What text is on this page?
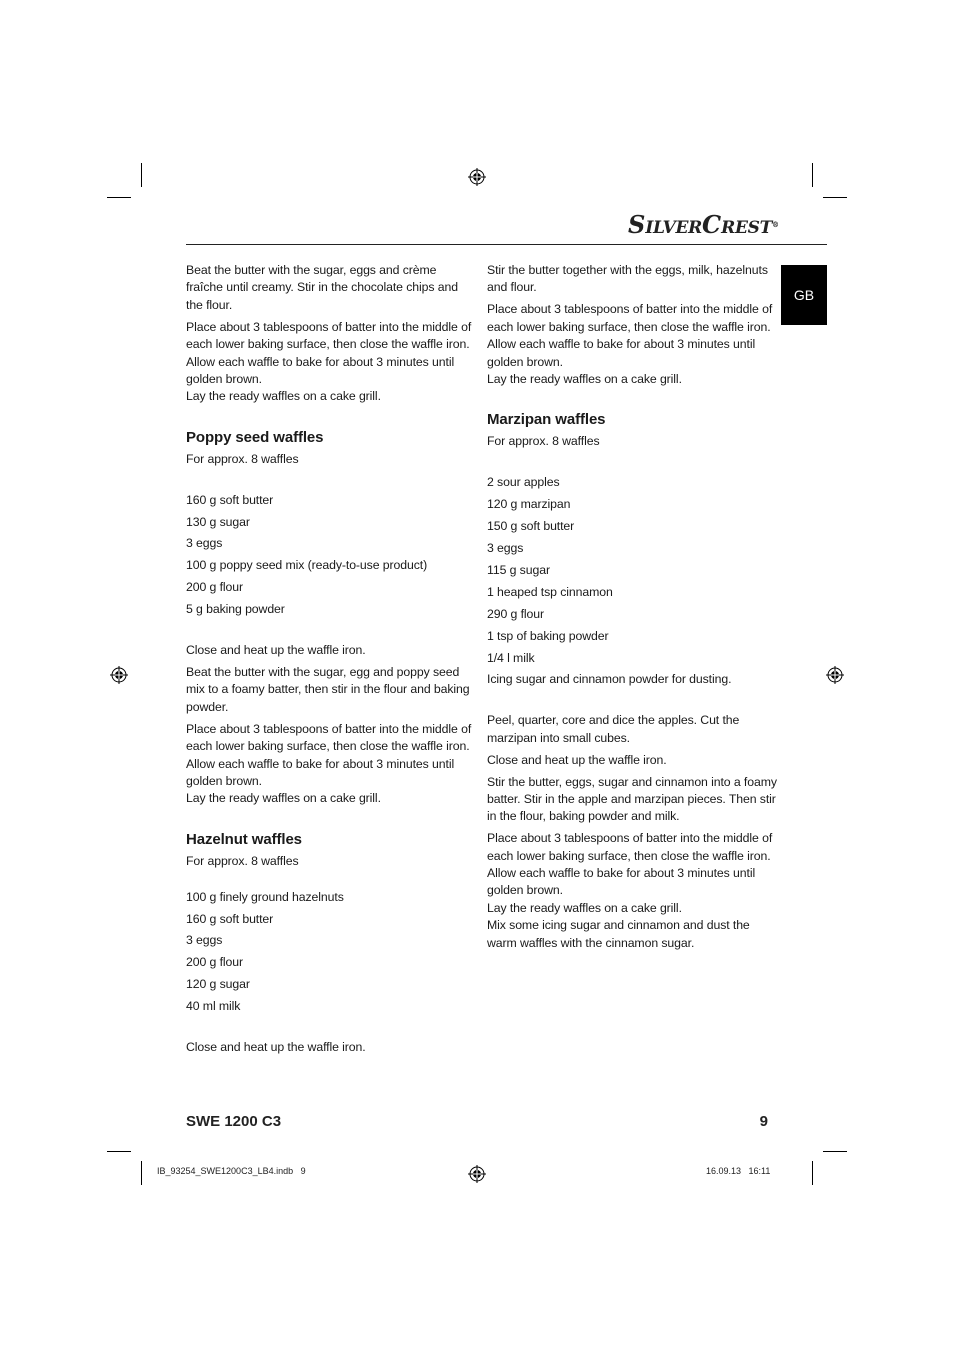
SILVERCREST®
GB

Beat the butter with the sugar, eggs and crème fraîche until creamy. Stir in the chocolate chips and the flour.

Place about 3 tablespoons of batter into the middle of each lower baking surface, then close the waffle iron. Allow each waffle to bake for about 3 minutes until golden brown.

Lay the ready waffles on a cake grill.

Poppy seed waffles

For approx. 8 waffles

160 g soft butter

130 g sugar

3 eggs

100 g poppy seed mix (ready-to-use product)

200 g flour

5 g baking powder

Close and heat up the waffle iron.

Beat the butter with the sugar, egg and poppy seed mix to a foamy batter, then stir in the flour and baking powder.

Place about 3 tablespoons of batter into the middle of each lower baking surface, then close the waffle iron. Allow each waffle to bake for about 3 minutes until golden brown.

Lay the ready waffles on a cake grill.

Hazelnut waffles

For approx. 8 waffles

100 g finely ground hazelnuts

160 g soft butter

3 eggs

200 g flour

120 g sugar

40 ml milk

Close and heat up the waffle iron.

Stir the butter together with the eggs, milk, hazelnuts and flour.

Place about 3 tablespoons of batter into the middle of each lower baking surface, then close the waffle iron. Allow each waffle to bake for about 3 minutes until golden brown.

Lay the ready waffles on a cake grill.

Marzipan waffles

For approx. 8 waffles

2 sour apples

120 g marzipan

150 g soft butter

3 eggs

115 g sugar

1 heaped tsp cinnamon

290 g flour

1 tsp of baking powder

1/4 l milk

Icing sugar and cinnamon powder for dusting.

Peel, quarter, core and dice the apples. Cut the marzipan into small cubes.

Close and heat up the waffle iron.

Stir the butter, eggs, sugar and cinnamon into a foamy batter. Stir in the apple and marzipan pieces. Then stir in the flour, baking powder and milk.

Place about 3 tablespoons of batter into the middle of each lower baking surface, then close the waffle iron. Allow each waffle to bake for about 3 minutes until golden brown.

Lay the ready waffles on a cake grill.

Mix some icing sugar and cinnamon and dust the warm waffles with the cinnamon sugar.

SWE 1200 C3	9
IB_93254_SWE1200C3_LB4.indb   9	16.09.13   16:11
